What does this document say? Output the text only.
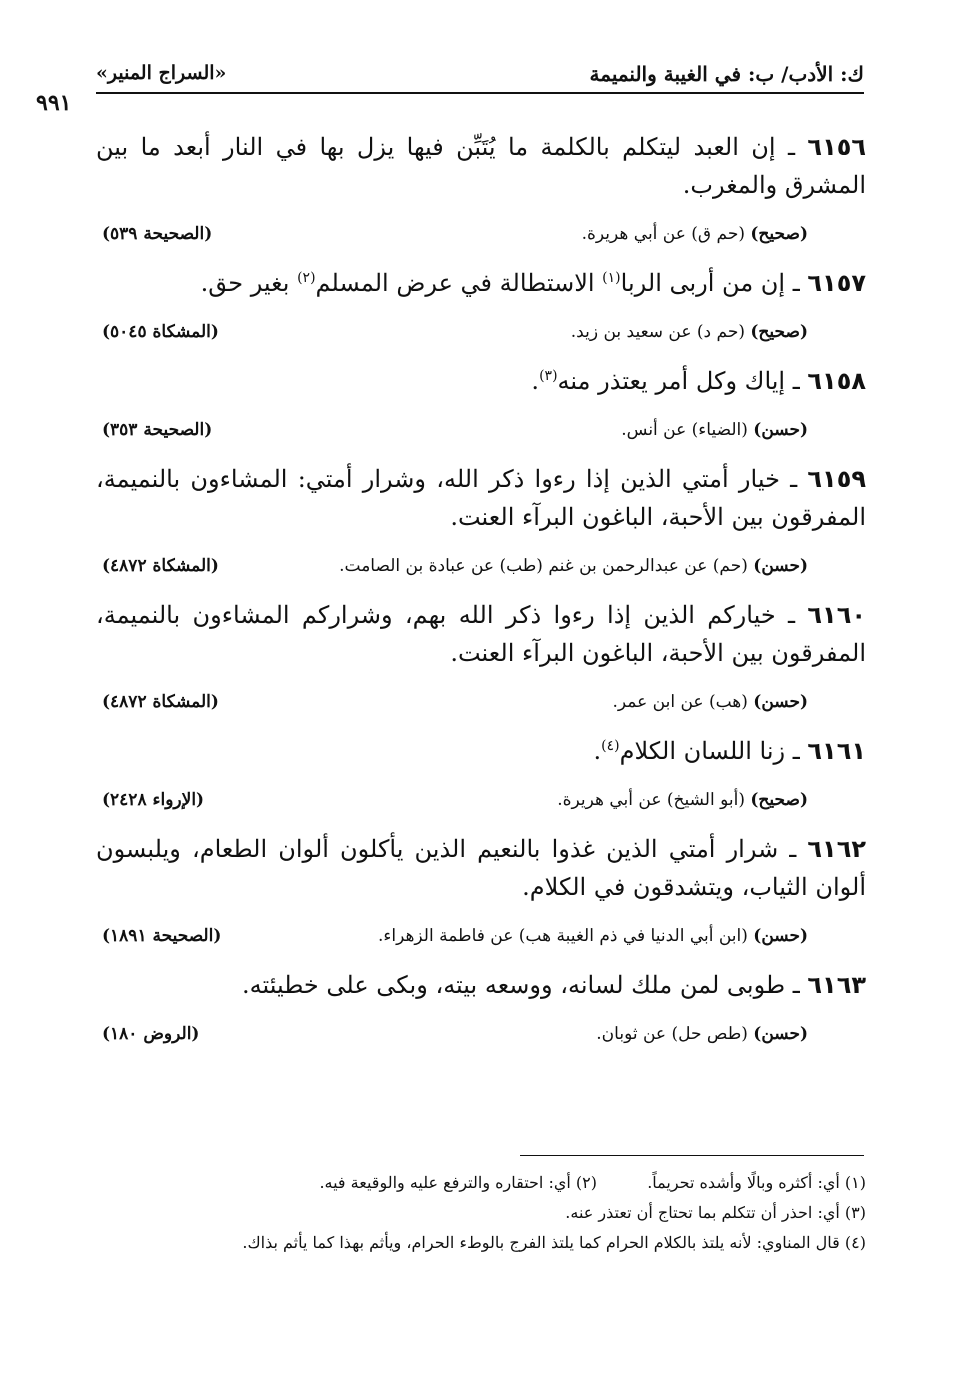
ك: الأدب/ ب: في الغيبة والنميمة
«السراج المنير»
٩٩١

٦١٥٦ ـ إن العبد ليتكلم بالكلمة ما يُتَبِّن فيها يزل بها في النار أبعد ما بين المشرق والمغرب.

(صحيح) (حم ق) عن أبي هريرة.
(الصحيحة ٥٣٩)

٦١٥٧ ـ إن من أربى الربا$^{(١)}$ الاستطالة في عرض المسلم$^{(٢)}$ بغير حق.

(صحيح) (حم د) عن سعيد بن زيد.
(المشكاة ٥٠٤٥)

٦١٥٨ ـ إياك وكل أمر يعتذر منه$^{(٣)}$.

(حسن) (الضياء) عن أنس.
(الصحيحة ٣٥٣)

٦١٥٩ ـ خيار أمتي الذين إذا رءوا ذكر الله، وشرار أمتي: المشاءون بالنميمة، المفرقون بين الأحبة، الباغون البرآء العنت.

(حسن) (حم) عن عبدالرحمن بن غنم (طب) عن عبادة بن الصامت.
(المشكاة ٤٨٧٢)

٦١٦٠ ـ خياركم الذين إذا رءوا ذكر الله بهم، وشراركم المشاءون بالنميمة، المفرقون بين الأحبة، الباغون البرآء العنت.

(حسن) (هب) عن ابن عمر.
(المشكاة ٤٨٧٢)

٦١٦١ ـ زنا اللسان الكلام$^{(٤)}$.

(صحيح) (أبو الشيخ) عن أبي هريرة.
(الإرواء ٢٤٢٨)

٦١٦٢ ـ شرار أمتي الذين غذوا بالنعيم الذين يأكلون ألوان الطعام، ويلبسون ألوان الثياب، ويتشدقون في الكلام.

(حسن) (ابن أبي الدنيا في ذم الغيبة هب) عن فاطمة الزهراء.
(الصحيحة ١٨٩١)

٦١٦٣ ـ طوبى لمن ملك لسانه، ووسعه بيته، وبكى على خطيئته.

(حسن) (طص حل) عن ثوبان.
(الروض ١٨٠)
(١) أي: أكثره وبالًا وأشده تحريماً.  (٢) أي: احتقاره والترفع عليه والوقيعة فيه.
(٣) أي: احذر أن تتكلم بما تحتاج أن تعتذر عنه.
(٤) قال المناوي: لأنه يلتذ بالكلام الحرام كما يلتذ الفرج بالوطء الحرام، ويأثم بهذا كما يأثم بذاك.
